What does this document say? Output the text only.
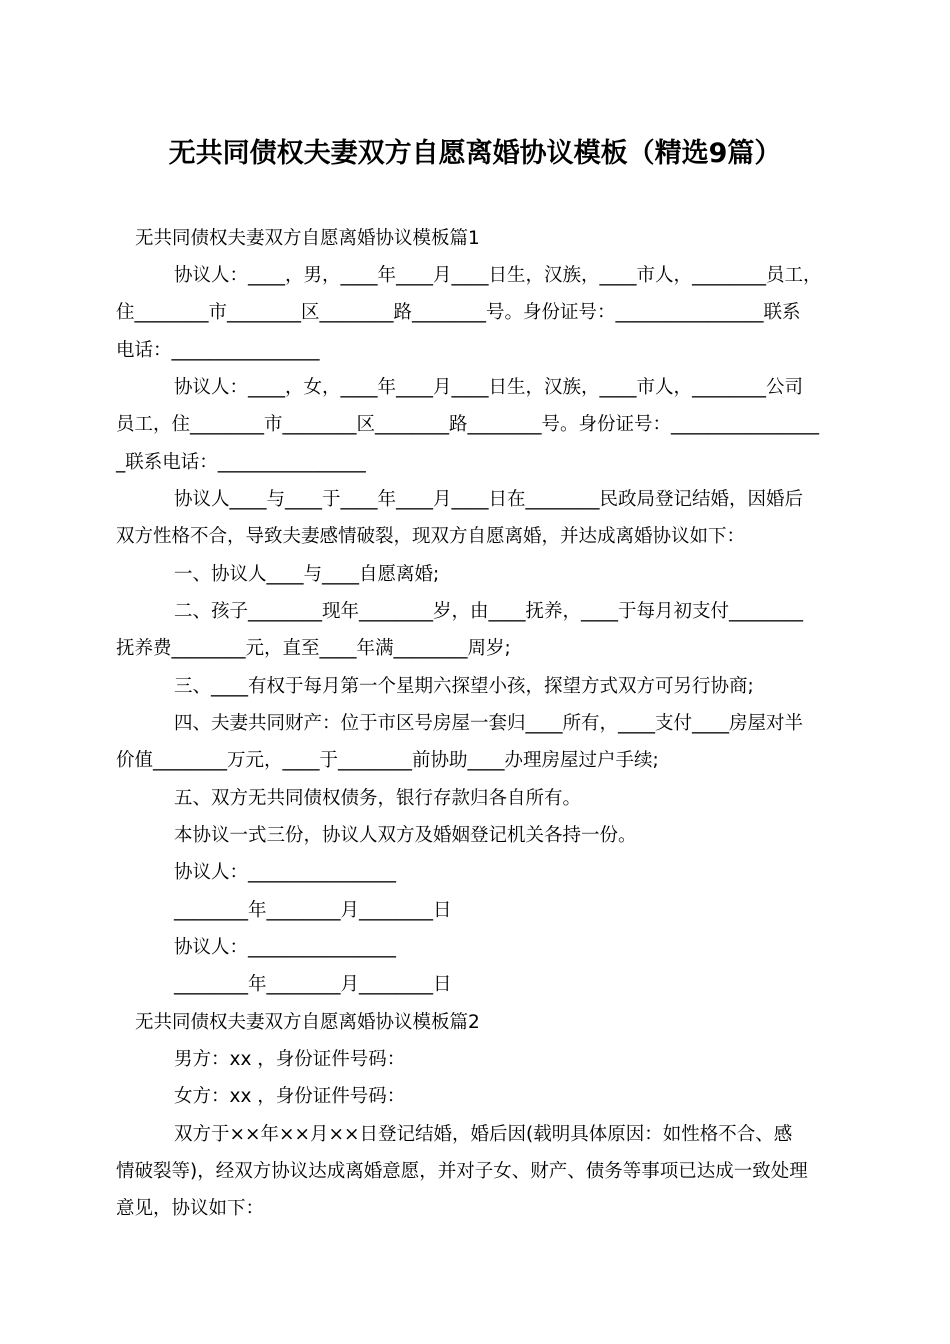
无共同债权夫妻双方自愿离婚协议模板（精选9篇）
无共同债权夫妻双方自愿离婚协议模板篇1
协议人：____，男，____年____月____日生，汉族，____市人，________员工，
住________市________区________路________号。身份证号：________________联系
电话：________________
协议人：____，女，____年____月____日生，汉族，____市人，________公司
员工，住________市________区________路________号。身份证号：________________
_联系电话：________________
协议人____与____于____年____月____日在________民政局登记结婚，因婚后
双方性格不合，导致夫妻感情破裂，现双方自愿离婚，并达成离婚协议如下：
一、协议人____与____自愿离婚;
二、孩子________现年________岁，由____抚养，____于每月初支付________
抚养费________元，直至____年满________周岁;
三、____有权于每月第一个星期六探望小孩，探望方式双方可另行协商;
四、夫妻共同财产：位于市区号房屋一套归____所有，____支付____房屋对半
价值________万元，____于________前协助____办理房屋过户手续;
五、双方无共同债权债务，银行存款归各自所有。
本协议一式三份，协议人双方及婚姻登记机关各持一份。
协议人：________________
________年________月________日
协议人：________________
________年________月________日
无共同债权夫妻双方自愿离婚协议模板篇2
男方：xx ，身份证件号码：
女方：xx ，身份证件号码：
双方于××年××月××日登记结婚，婚后因(载明具体原因：如性格不合、感
情破裂等)，经双方协议达成离婚意愿，并对子女、财产、债务等事项已达成一致处理
意见，协议如下：
